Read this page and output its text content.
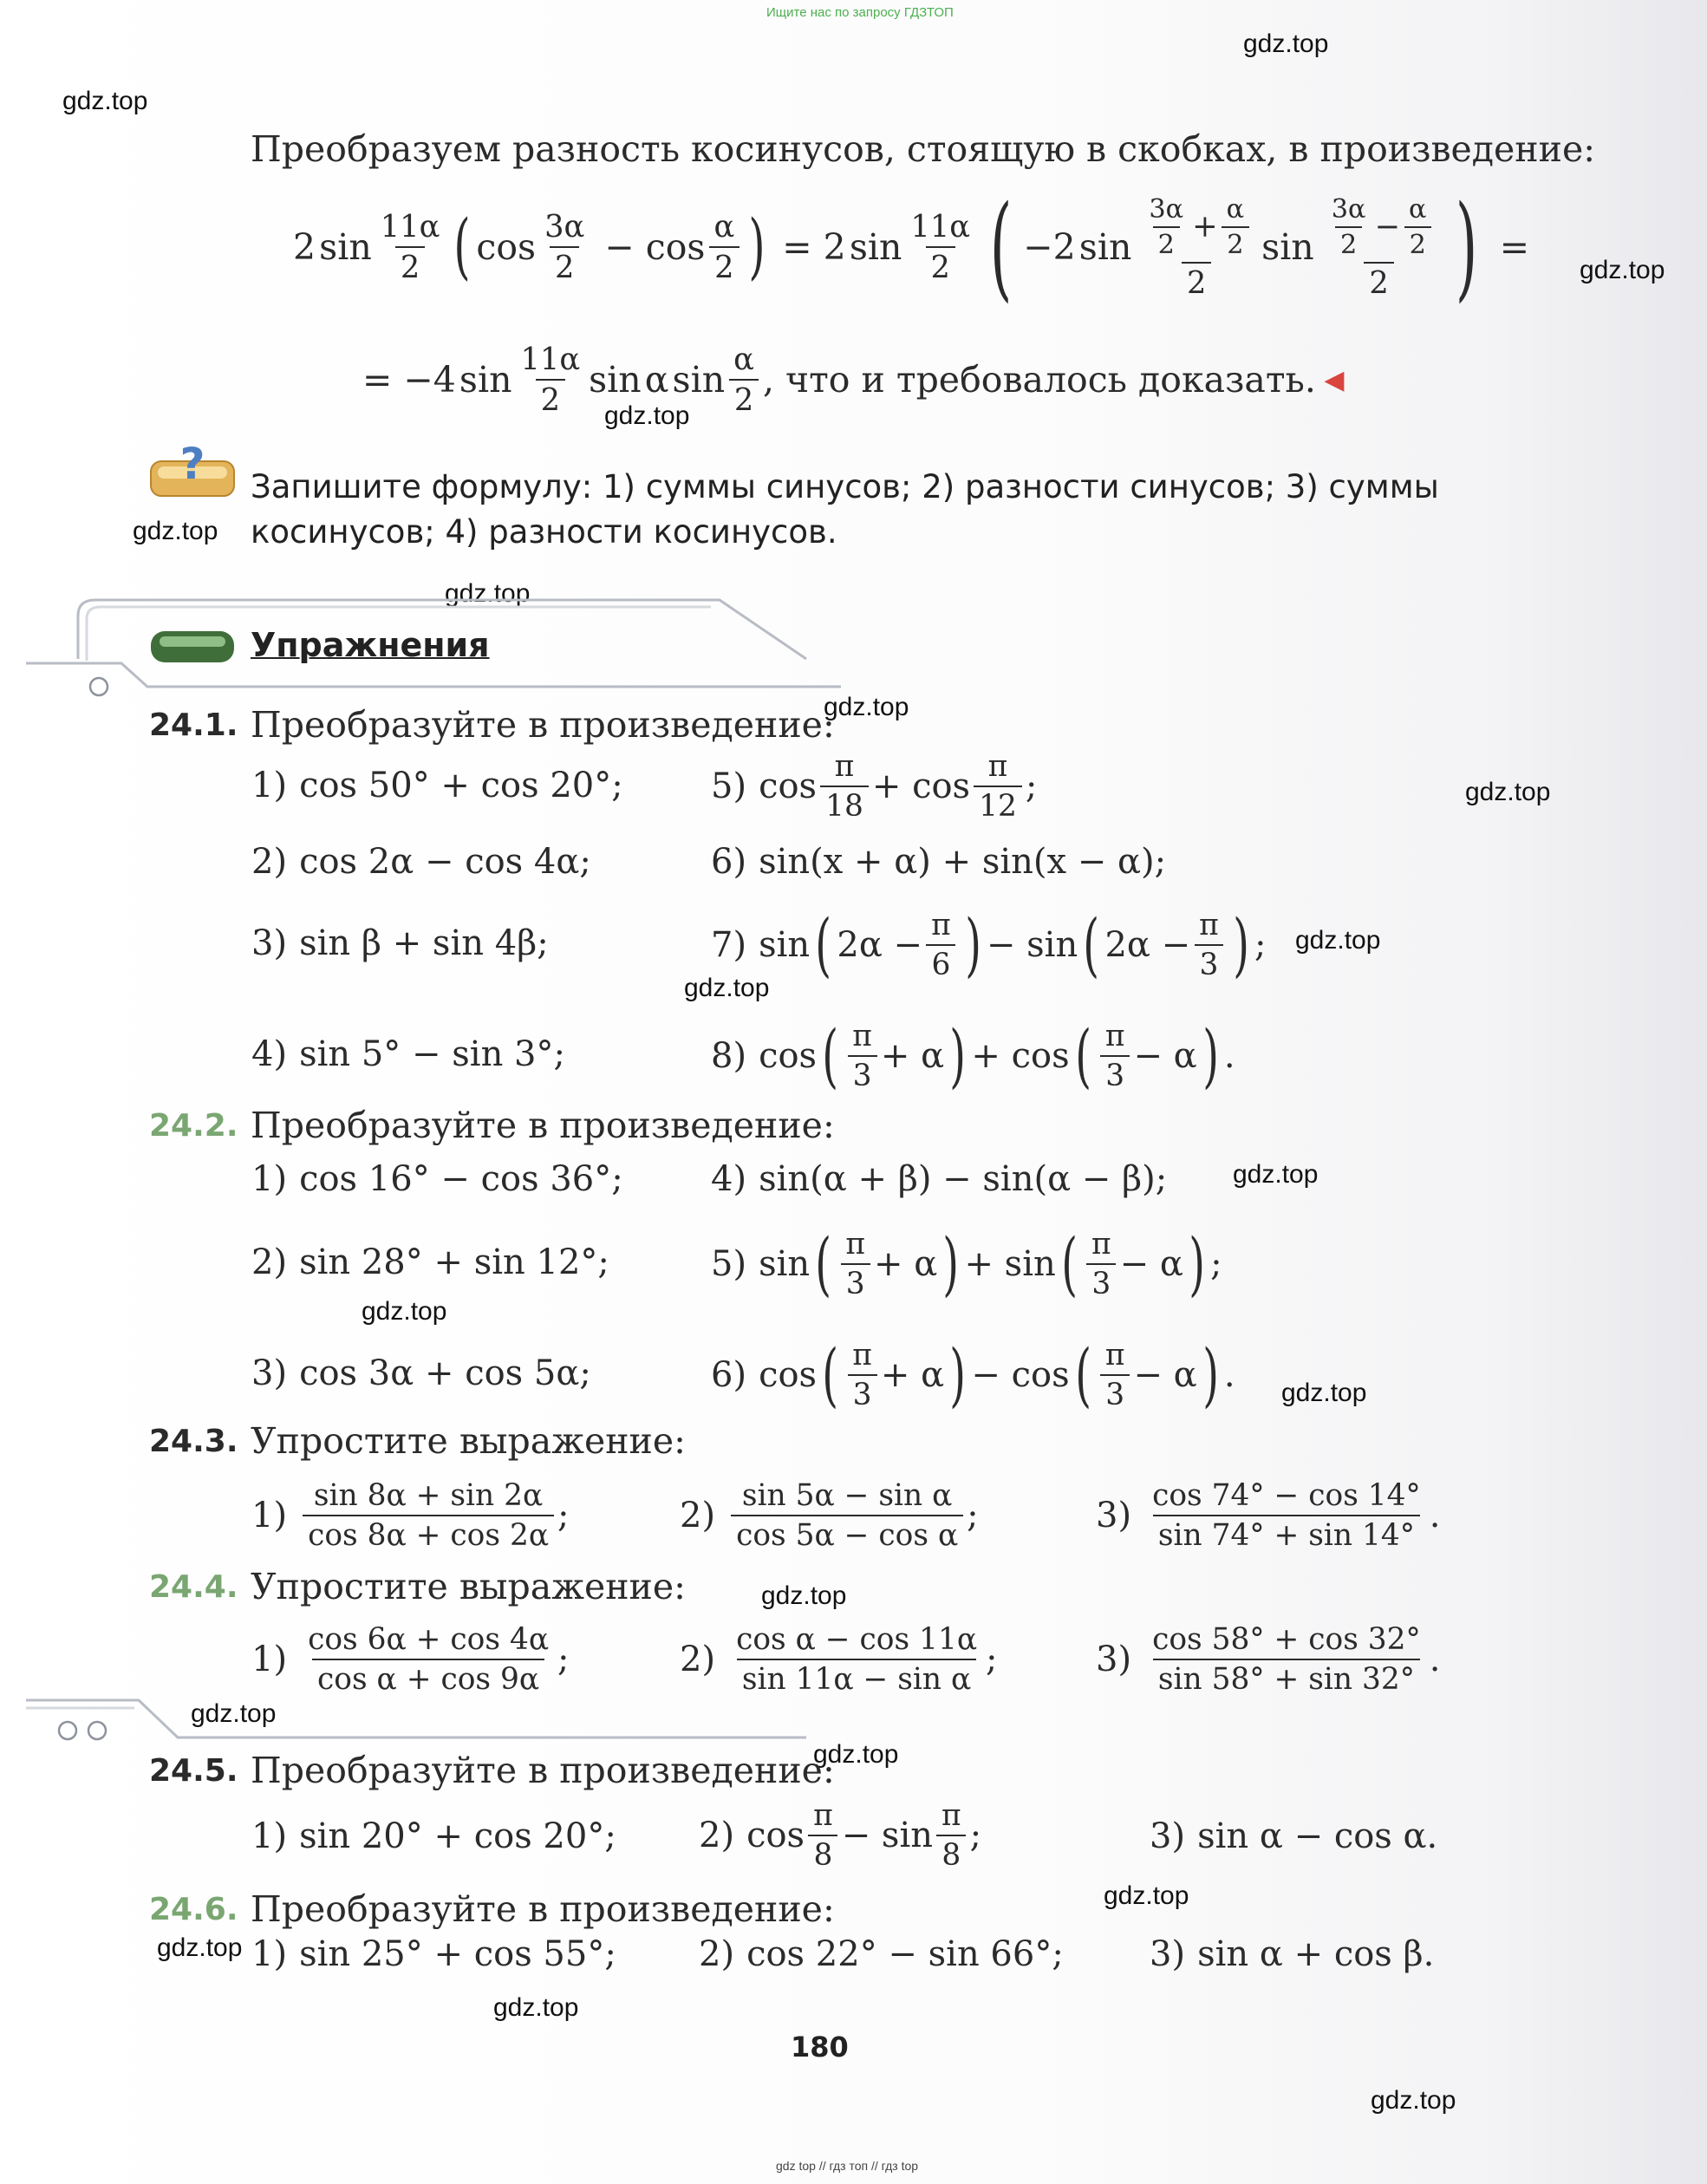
Ищите нас по запросу ГДЗТОП
gdz top // гдз топ // гдз top
gdz.top
gdz.top
gdz.top
gdz.top
gdz.top
gdz.top
gdz.top
gdz.top
gdz.top
gdz.top
gdz.top
gdz.top
gdz.top
gdz.top
gdz.top
gdz.top
gdz.top
gdz.top
gdz.top
gdz.top
Преобразуем разность косинусов, стоящую в скобках, в произведение:
2 $\sin \frac{11\alpha}{2}$ ( $\cos \frac{3\alpha}{2} - \cos \frac{\alpha}{2}$ ) = 2 $\sin \frac{11\alpha}{2}$ ( −2 $\sin \frac{\frac{3\alpha}{2} + \frac{\alpha}{2}}{2}$ $\sin \frac{\frac{3\alpha}{2} - \frac{\alpha}{2}}{2}$ ) =
= −4 $\sin \frac{11\alpha}{2}$ sin α $\sin \frac{\alpha}{2}$ , что и требовалось доказать. ◀
? Запишите формулу: 1) суммы синусов; 2) разности синусов; 3) суммы
косинусов; 4) разности косинусов.
Упражнения
24.1. Преобразуйте в произведение:
1) cos 50° + cos 20°;	5) $\cos \frac{\pi}{18} + \cos \frac{\pi}{12}$ ;
2) cos 2α − cos 4α;	6) sin(x + α) + sin(x − α);
3) sin β + sin 4β;	7) sin ( $2\alpha - \frac{\pi}{6}$ ) − sin ( $2\alpha - \frac{\pi}{3}$ ) ;
4) sin 5° − sin 3°;	8) cos ( $\frac{\pi}{3} + \alpha$ ) + cos ( $\frac{\pi}{3} - \alpha$ ) .
24.2. Преобразуйте в произведение:
1) cos 16° − cos 36°;	4) sin(α + β) − sin(α − β);
2) sin 28° + sin 12°;	5) sin ( $\frac{\pi}{3} + \alpha$ ) + sin ( $\frac{\pi}{3} - \alpha$ ) ;
3) cos 3α + cos 5α;	6) cos ( $\frac{\pi}{3} + \alpha$ ) − cos ( $\frac{\pi}{3} - \alpha$ ) .
24.3. Упростите выражение:
$1) \frac{\sin 8\alpha + \sin 2\alpha}{\cos 8\alpha + \cos 2\alpha}$ ;	$2) \frac{\text{sin 5α − sin α}}{\text{cos 5α − cos α}}$ ;	$3) \frac{\cos 74^\circ - \cos 14^\circ}{\sin 74^\circ + \sin 14^\circ}$ .
24.4. Упростите выражение:
$1) \frac{\cos 6\alpha + \cos 4\alpha}{\text{cos α + cos 9α}}$ ;	$2) \frac{\text{cos α − cos 11α}}{\text{sin 11α − sin α}}$ ;	$3) \frac{\cos 58^\circ + \cos 32^\circ}{\sin 58^\circ + \sin 32^\circ}$ .
24.5. Преобразуйте в произведение:
1) sin 20° + cos 20°; 2) $\cos \frac{\pi}{8} - \sin \frac{\pi}{8}$ ;	3) sin α − cos α.
24.6. Преобразуйте в произведение:
1) sin 25° + cos 55°; 2) cos 22° − sin 66°; 3) sin α + cos β.
180
